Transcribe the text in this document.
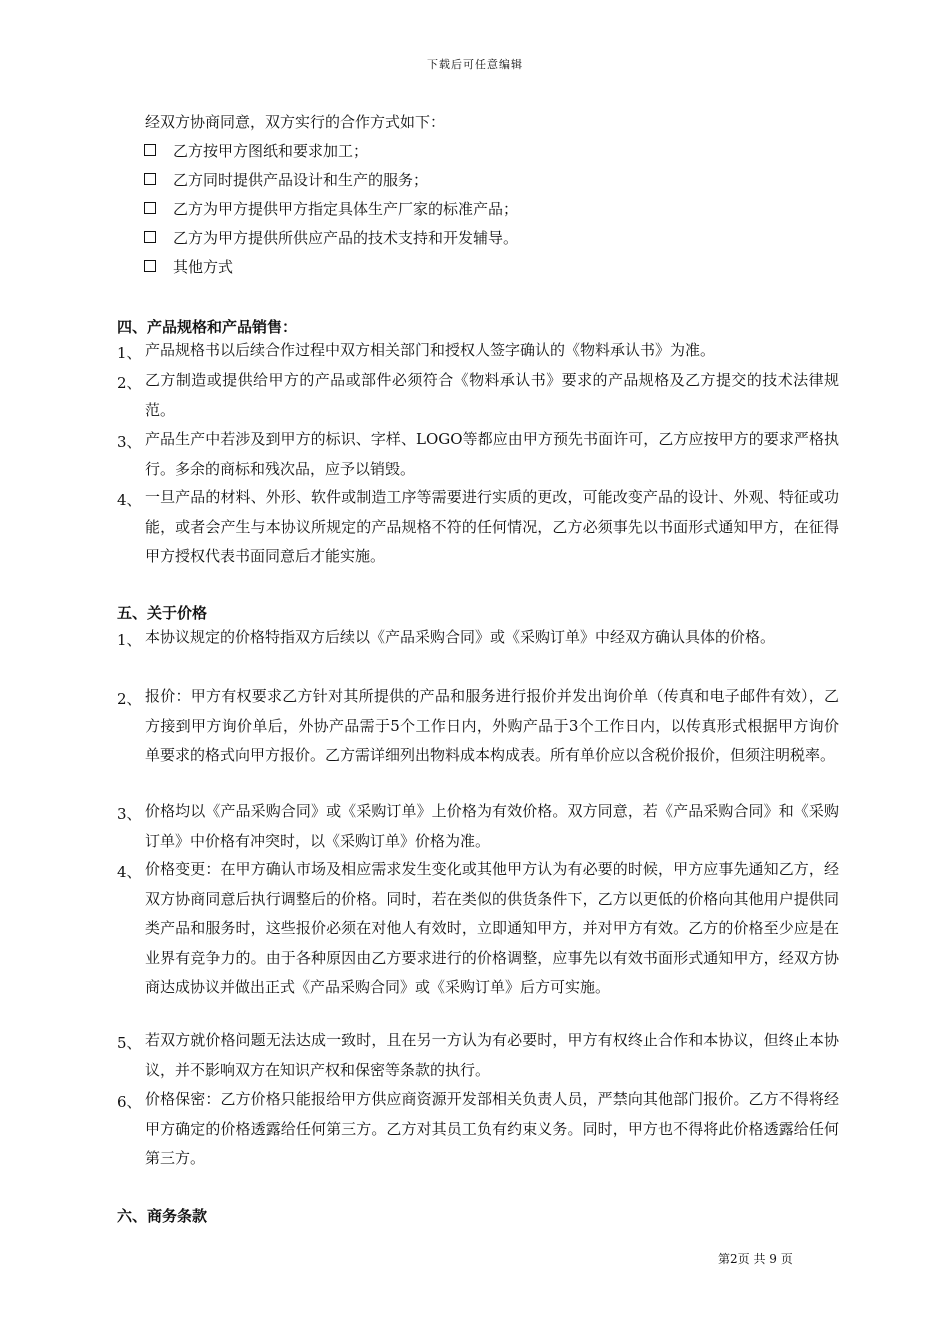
下载后可任意编辑
经双方协商同意，双方实行的合作方式如下：
乙方按甲方图纸和要求加工；
乙方同时提供产品设计和生产的服务；
乙方为甲方提供甲方指定具体生产厂家的标准产品；
乙方为甲方提供所供应产品的技术支持和开发辅导。
其他方式
四、产品规格和产品销售：
1、 产品规格书以后续合作过程中双方相关部门和授权人签字确认的《物料承认书》为准。
2、 乙方制造或提供给甲方的产品或部件必须符合《物料承认书》要求的产品规格及乙方提交的技术法律规范。
3、 产品生产中若涉及到甲方的标识、字样、LOGO等都应由甲方预先书面许可，乙方应按甲方的要求严格执行。多余的商标和残次品，应予以销毁。
4、 一旦产品的材料、外形、软件或制造工序等需要进行实质的更改，可能改变产品的设计、外观、特征或功能，或者会产生与本协议所规定的产品规格不符的任何情况，乙方必须事先以书面形式通知甲方，在征得甲方授权代表书面同意后才能实施。
五、关于价格
1、 本协议规定的价格特指双方后续以《产品采购合同》或《采购订单》中经双方确认具体的价格。
2、 报价：甲方有权要求乙方针对其所提供的产品和服务进行报价并发出询价单（传真和电子邮件有效），乙方接到甲方询价单后，外协产品需于5个工作日内，外购产品于3个工作日内，以传真形式根据甲方询价单要求的格式向甲方报价。乙方需详细列出物料成本构成表。所有单价应以含税价报价，但须注明税率。
3、 价格均以《产品采购合同》或《采购订单》上价格为有效价格。双方同意，若《产品采购合同》和《采购订单》中价格有冲突时，以《采购订单》价格为准。
4、 价格变更：在甲方确认市场及相应需求发生变化或其他甲方认为有必要的时候，甲方应事先通知乙方，经双方协商同意后执行调整后的价格。同时，若在类似的供货条件下，乙方以更低的价格向其他用户提供同类产品和服务时，这些报价必须在对他人有效时，立即通知甲方，并对甲方有效。乙方的价格至少应是在业界有竞争力的。由于各种原因由乙方要求进行的价格调整，应事先以有效书面形式通知甲方，经双方协商达成协议并做出正式《产品采购合同》或《采购订单》后方可实施。
5、 若双方就价格问题无法达成一致时，且在另一方认为有必要时，甲方有权终止合作和本协议，但终止本协议，并不影响双方在知识产权和保密等条款的执行。
6、 价格保密：乙方价格只能报给甲方供应商资源开发部相关负责人员，严禁向其他部门报价。乙方不得将经甲方确定的价格透露给任何第三方。乙方对其员工负有约束义务。同时，甲方也不得将此价格透露给任何第三方。
六、商务条款
第2页 共 9 页
